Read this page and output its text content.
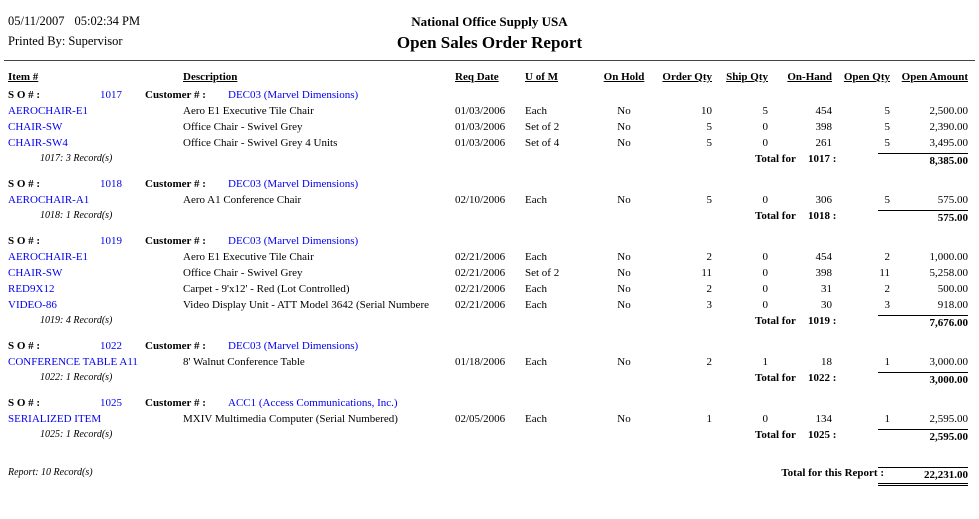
05/11/2007 05:02:34 PM
Printed By: Supervisor
National Office Supply USA
Open Sales Order Report
Item #	Description	Req Date	U of M	On Hold	Order Qty	Ship Qty	On-Hand	Open Qty	Open Amount
S O # :	1017	Customer # :	DEC03 (Marvel Dimensions)
AEROCHAIR-E1	Aero E1 Executive Tile Chair	01/03/2006	Each	No	10	5	454	5	2,500.00
CHAIR-SW	Office Chair - Swivel Grey	01/03/2006	Set of 2	No	5	0	398	5	2,390.00
CHAIR-SW4	Office Chair - Swivel Grey 4 Units	01/03/2006	Set of 4	No	5	0	261	5	3,495.00
1017: 3 Record(s)	Total for	1017 :	8,385.00
S O # :	1018	Customer # :	DEC03 (Marvel Dimensions)
AEROCHAIR-A1	Aero A1 Conference Chair	02/10/2006	Each	No	5	0	306	5	575.00
1018: 1 Record(s)	Total for	1018 :	575.00
S O # :	1019	Customer # :	DEC03 (Marvel Dimensions)
AEROCHAIR-E1	Aero E1 Executive Tile Chair	02/21/2006	Each	No	2	0	454	2	1,000.00
CHAIR-SW	Office Chair - Swivel Grey	02/21/2006	Set of 2	No	11	0	398	11	5,258.00
RED9X12	Carpet - 9'x12' - Red (Lot Controlled)	02/21/2006	Each	No	2	0	31	2	500.00
VIDEO-86	Video Display Unit - ATT Model 3642 (Serial Numbere	02/21/2006	Each	No	3	0	30	3	918.00
1019: 4 Record(s)	Total for	1019 :	7,676.00
S O # :	1022	Customer # :	DEC03 (Marvel Dimensions)
CONFERENCE TABLE A11	8' Walnut Conference Table	01/18/2006	Each	No	2	1	18	1	3,000.00
1022: 1 Record(s)	Total for	1022 :	3,000.00
S O # :	1025	Customer # :	ACC1 (Access Communications, Inc.)
SERIALIZED ITEM	MXIV Multimedia Computer (Serial Numbered)	02/05/2006	Each	No	1	0	134	1	2,595.00
1025: 1 Record(s)	Total for	1025 :	2,595.00
Report: 10 Record(s)	Total for this Report :	22,231.00
